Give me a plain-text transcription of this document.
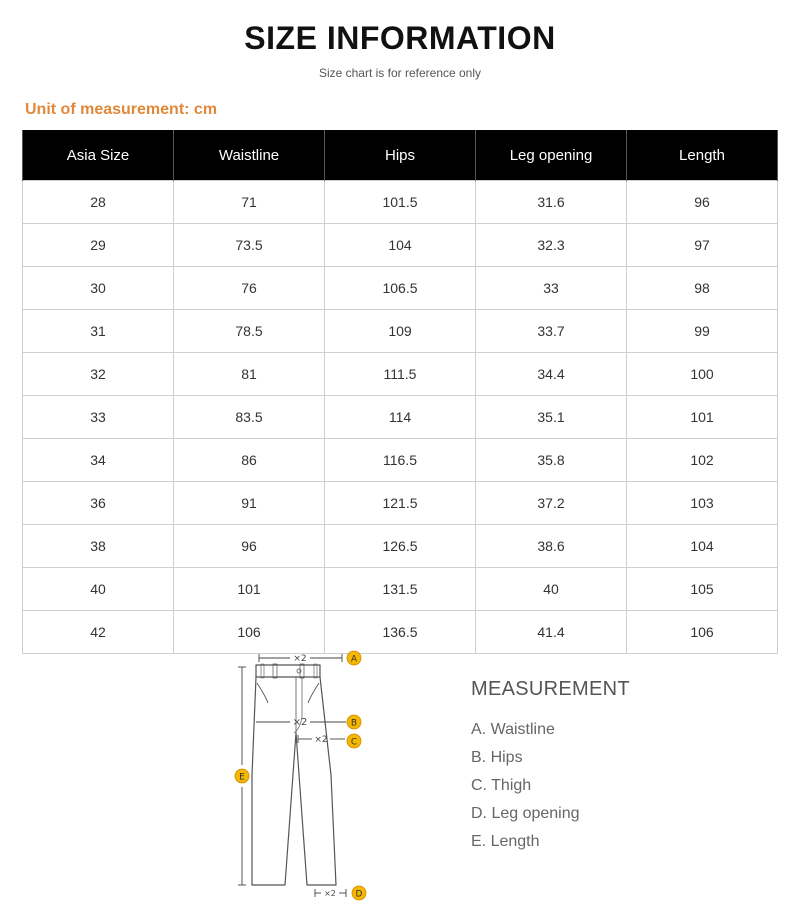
SIZE INFORMATION
Size chart is for reference only
Unit of measurement: cm
Asia Size	Waistline	Hips	Leg opening	Length
28	71	101.5	31.6	96
29	73.5	104	32.3	97
30	76	106.5	33	98
31	78.5	109	33.7	99
32	81	111.5	34.4	100
33	83.5	114	35.1	101
34	86	116.5	35.8	102
36	91	121.5	37.2	103
38	96	126.5	38.6	104
40	101	131.5	40	105
42	106	136.5	41.4	106
×2	A
×2	B
×2	C
E
×2 D
MEASUREMENT
A. Waistline
B. Hips
C. Thigh
D. Leg opening
E. Length
